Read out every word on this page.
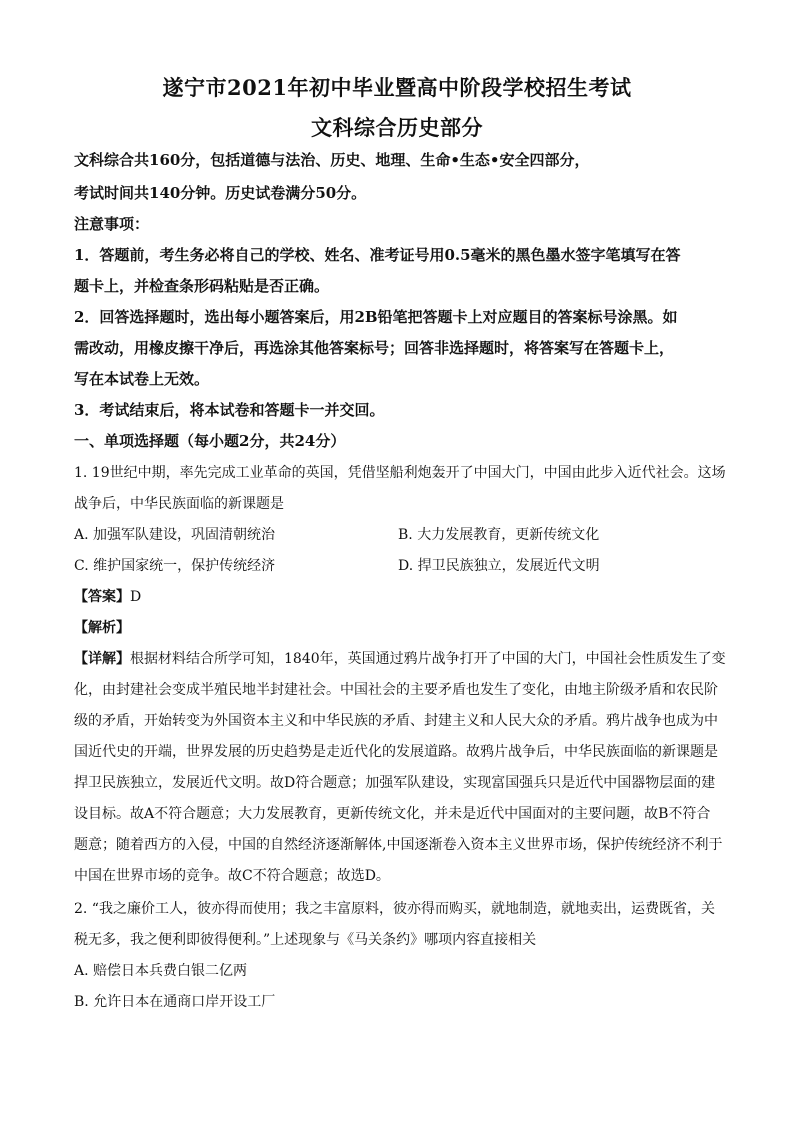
遂宁市2021年初中毕业暨高中阶段学校招生考试
文科综合历史部分
文科综合共160分，包括道德与法治、历史、地理、生命•生态•安全四部分，
考试时间共140分钟。历史试卷满分50分。
注意事项：
1．答题前，考生务必将自己的学校、姓名、准考证号用0.5毫米的黑色墨水签字笔填写在答
题卡上，并检查条形码粘贴是否正确。
2．回答选择题时，选出每小题答案后，用2B铅笔把答题卡上对应题目的答案标号涂黑。如
需改动，用橡皮擦干净后，再选涂其他答案标号；回答非选择题时，将答案写在答题卡上，
写在本试卷上无效。
3．考试结束后，将本试卷和答题卡一并交回。
一、单项选择题（每小题2分，共24分）
1. 19世纪中期，率先完成工业革命的英国，凭借坚船利炮轰开了中国大门，中国由此步入近代社会。这场
战争后，中华民族面临的新课题是
A. 加强军队建设，巩固清朝统治	B. 大力发展教育，更新传统文化
C. 维护国家统一，保护传统经济	D. 捍卫民族独立，发展近代文明
【答案】D
【解析】
【详解】根据材料结合所学可知，1840年，英国通过鸦片战争打开了中国的大门，中国社会性质发生了变
化，由封建社会变成半殖民地半封建社会。中国社会的主要矛盾也发生了变化，由地主阶级矛盾和农民阶
级的矛盾，开始转变为外国资本主义和中华民族的矛盾、封建主义和人民大众的矛盾。鸦片战争也成为中
国近代史的开端，世界发展的历史趋势是走近代化的发展道路。故鸦片战争后，中华民族面临的新课题是
捍卫民族独立，发展近代文明。故D符合题意；加强军队建设，实现富国强兵只是近代中国器物层面的建
设目标。故A不符合题意；大力发展教育，更新传统文化，并未是近代中国面对的主要问题，故B不符合
题意；随着西方的入侵，中国的自然经济逐渐解体,中国逐渐卷入资本主义世界市场，保护传统经济不利于
中国在世界市场的竞争。故C不符合题意；故选D。
2. “我之廉价工人，彼亦得而使用；我之丰富原料，彼亦得而购买，就地制造，就地卖出，运费既省，关
税无多，我之便利即彼得便利。”上述现象与《马关条约》哪项内容直接相关
A. 赔偿日本兵费白银二亿两
B. 允许日本在通商口岸开设工厂
